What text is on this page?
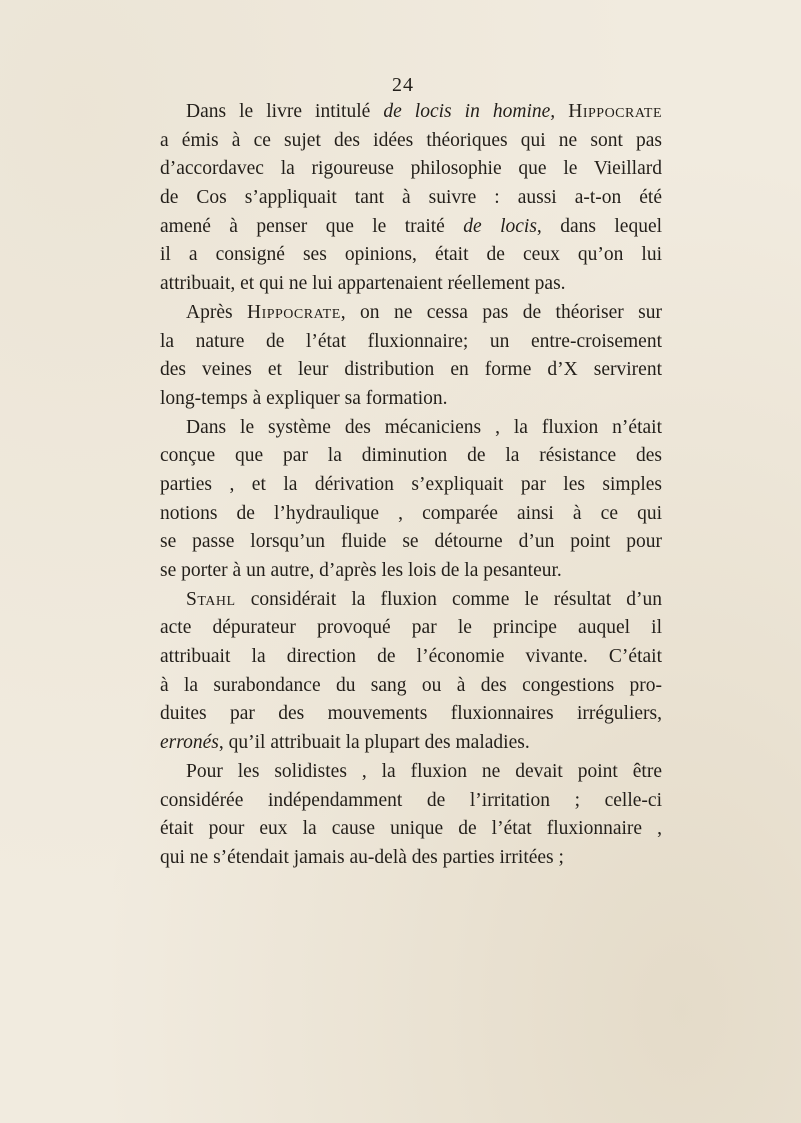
24
Dans le livre intitulé de locis in homine, Hippocrate
a émis à ce sujet des idées théoriques qui ne sont pas
d’accordavec la rigoureuse philosophie que le Vieillard
de Cos s’appliquait tant à suivre : aussi a-t-on été
amené à penser que le traité de locis, dans lequel
il a consigné ses opinions, était de ceux qu’on lui
attribuait, et qui ne lui appartenaient réellement pas.
Après Hippocrate, on ne cessa pas de théoriser sur
la nature de l’état fluxionnaire; un entre-croisement
des veines et leur distribution en forme d’X servirent
long-temps à expliquer sa formation.
Dans le système des mécaniciens , la fluxion n’était
conçue que par la diminution de la résistance des
parties , et la dérivation s’expliquait par les simples
notions de l’hydraulique , comparée ainsi à ce qui
se passe lorsqu’un fluide se détourne d’un point pour
se porter à un autre, d’après les lois de la pesanteur.
Stahl considérait la fluxion comme le résultat d’un
acte dépurateur provoqué par le principe auquel il
attribuait la direction de l’économie vivante. C’était
à la surabondance du sang ou à des congestions pro-
duites par des mouvements fluxionnaires irréguliers,
erronés, qu’il attribuait la plupart des maladies.
Pour les solidistes , la fluxion ne devait point être
considérée indépendamment de l’irritation ; celle-ci
était pour eux la cause unique de l’état fluxionnaire ,
qui ne s’étendait jamais au-delà des parties irritées ;
